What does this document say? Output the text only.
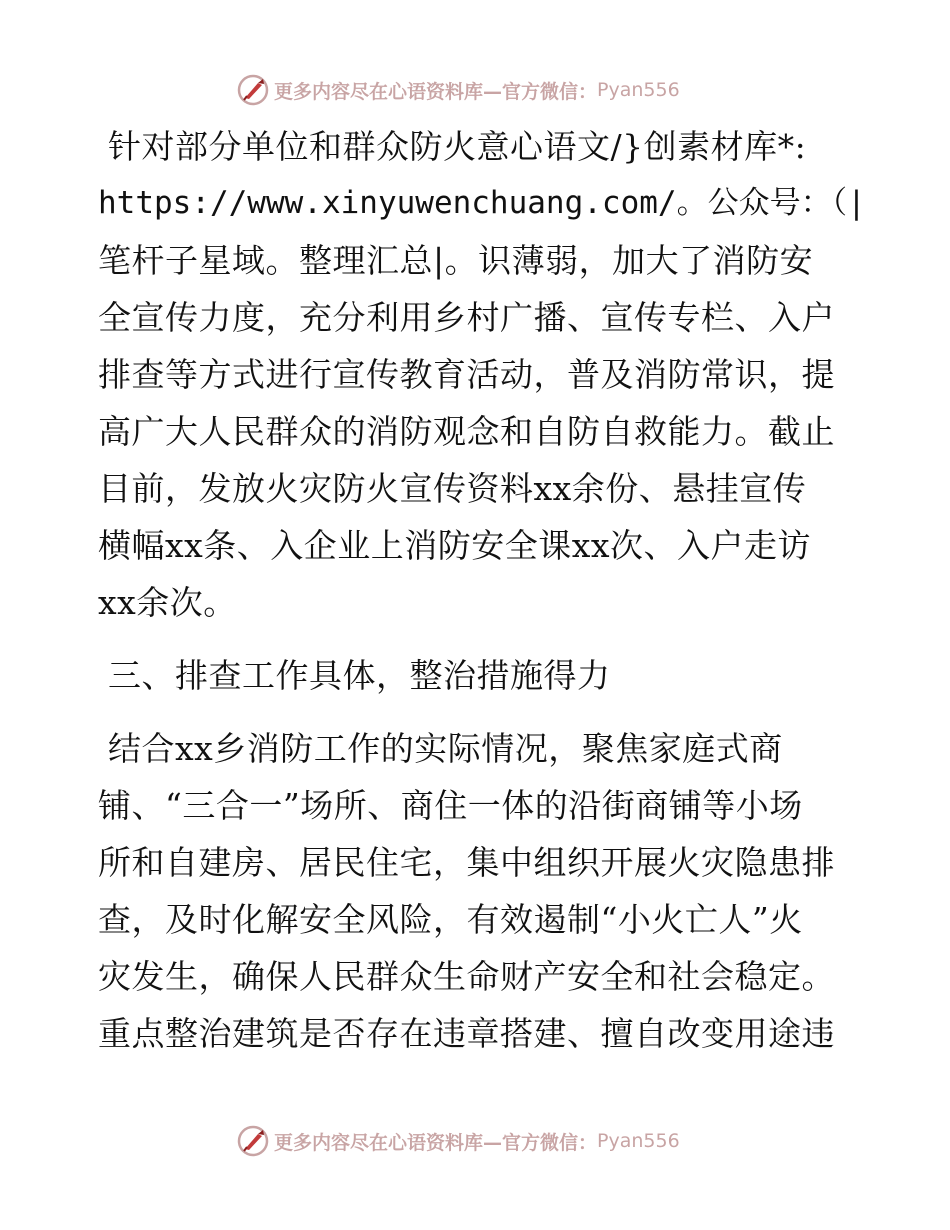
更多内容尽在心语资料库—官方微信： Pyan556
针对部分单位和群众防火意心语文/}创素材库*:
https://www.xinyuwenchuang.com/。公众号：（|
笔杆子星域。整理汇总|。识薄弱，加大了消防安
全宣传力度，充分利用乡村广播、宣传专栏、入户
排查等方式进行宣传教育活动，普及消防常识，提
高广大人民群众的消防观念和自防自救能力。截止
目前，发放火灾防火宣传资料xx余份、悬挂宣传
横幅xx条、入企业上消防安全课xx次、入户走访
xx余次。
三、排查工作具体，整治措施得力
结合xx乡消防工作的实际情况，聚焦家庭式商
铺、“三合一”场所、商住一体的沿街商铺等小场
所和自建房、居民住宅，集中组织开展火灾隐患排
查，及时化解安全风险，有效遏制“小火亡人”火
灾发生，确保人民群众生命财产安全和社会稳定。
重点整治建筑是否存在违章搭建、擅自改变用途违
更多内容尽在心语资料库—官方微信： Pyan556
